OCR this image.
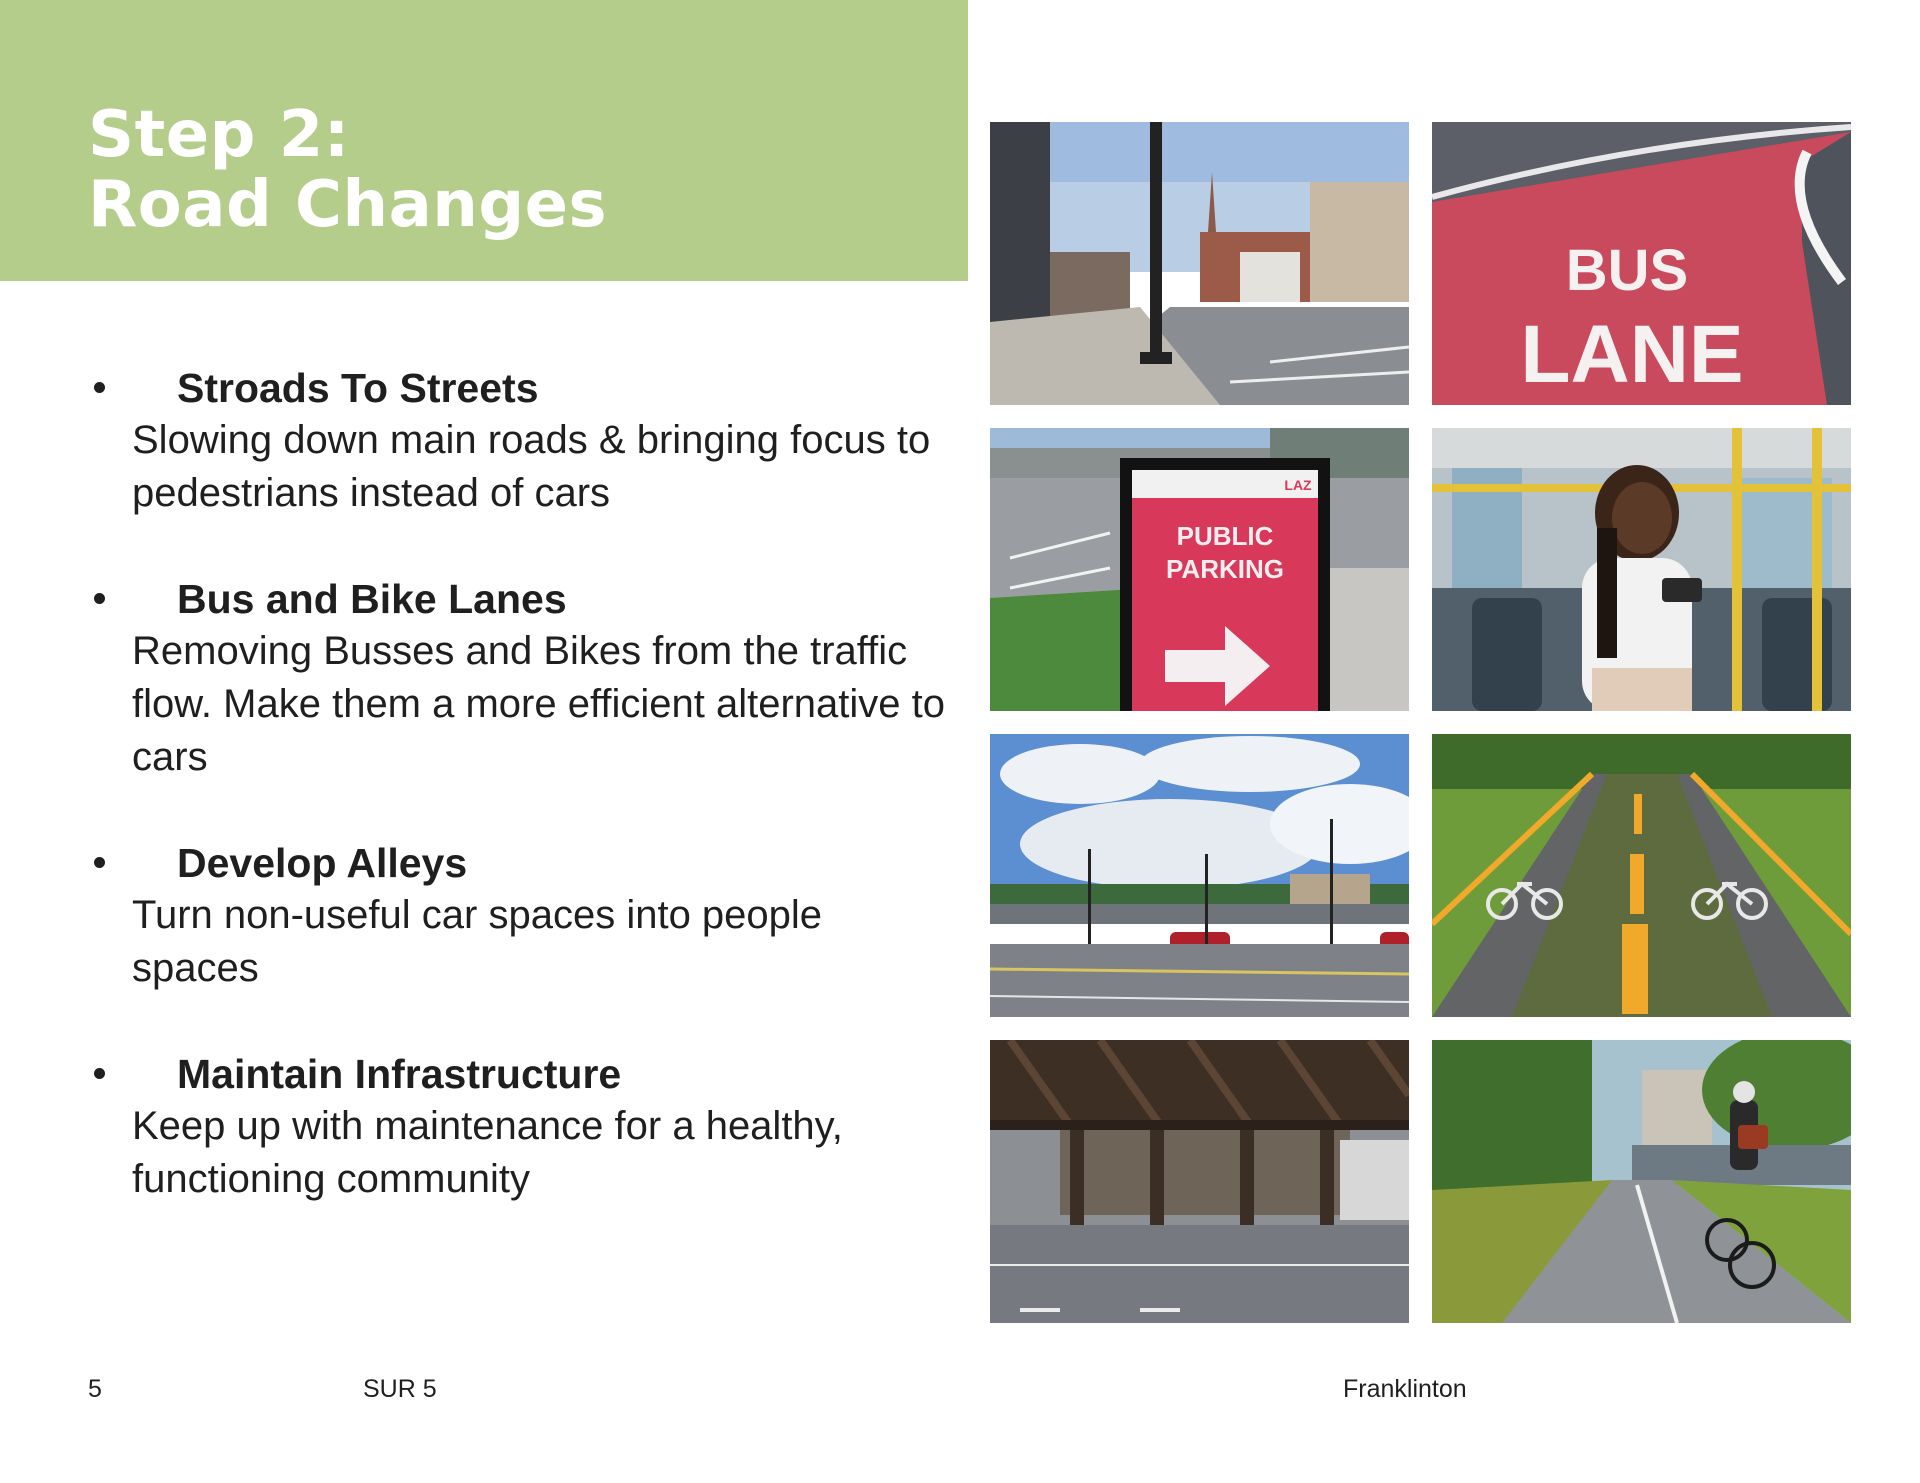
Step 2:
Road Changes
Stroads To Streets
Slowing down main roads & bringing focus to pedestrians instead of cars
Bus and Bike Lanes
Removing Busses and Bikes from the traffic flow. Make them a more efficient alternative to cars
Develop Alleys
Turn non-useful car spaces into people spaces
Maintain Infrastructure
Keep up with maintenance for a healthy, functioning community
BUS
LANE
LAZ
PUBLIC
PARKING
5	SUR 5	Franklinton
